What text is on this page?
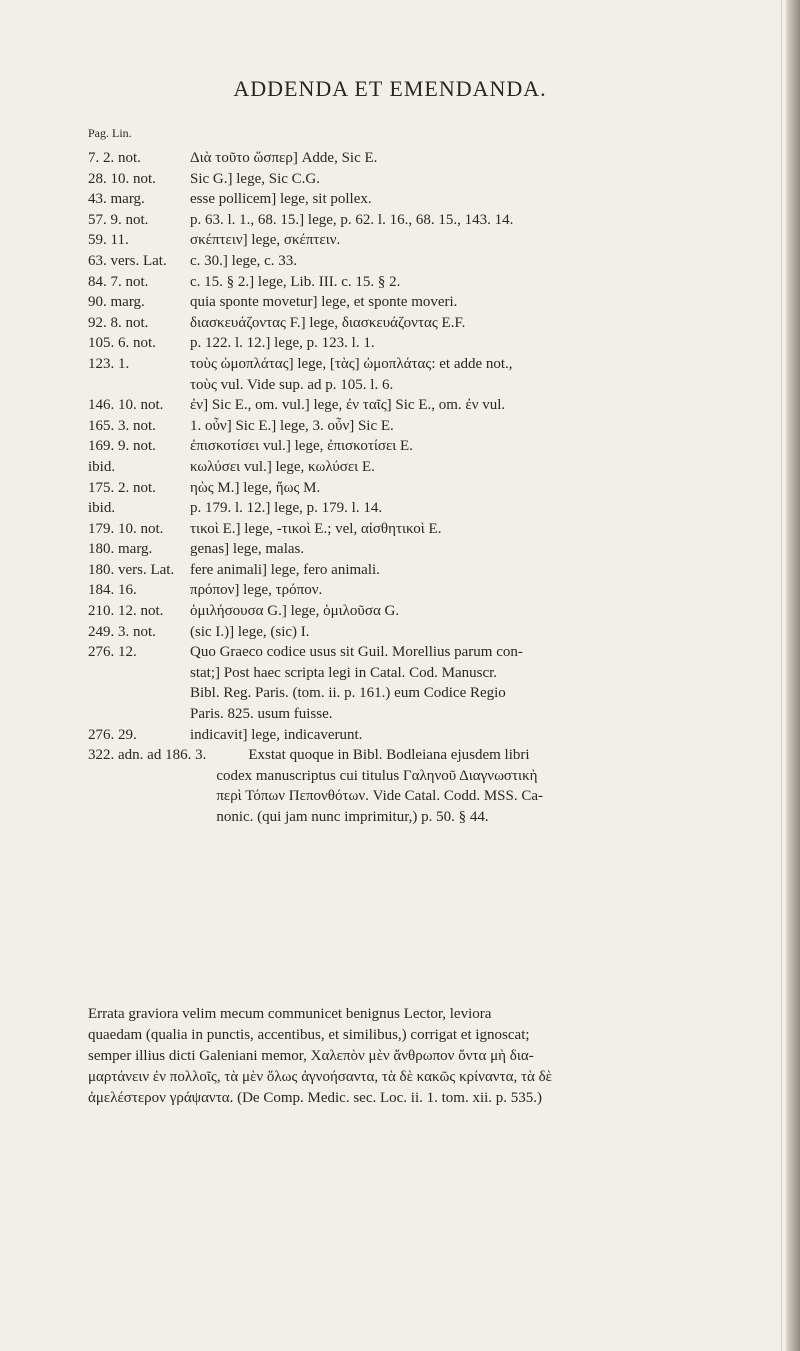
ADDENDA ET EMENDANDA.
Pag. Lin.
7. 2. not.	Διὰ τοῦτο ὥσπερ] Adde, Sic E.
28. 10. not.	Sic G.] lege, Sic C.G.
43. marg.	esse pollicem] lege, sit pollex.
57. 9. not.	p. 63. l. 1., 68. 15.] lege, p. 62. l. 16., 68. 15., 143. 14.
59. 11.	σκέπτειν] lege, σκέπτειν.
63. vers. Lat.	c. 30.] lege, c. 33.
84. 7. not.	c. 15. § 2.] lege, Lib. III. c. 15. § 2.
90. marg.	quia sponte movetur] lege, et sponte moveri.
92. 8. not.	διασκευάζοντας F.] lege, διασκευάζοντας E.F.
105. 6. not.	p. 122. l. 12.] lege, p. 123. l. 1.
123. 1.	τοὺς ὠμοπλάτας] lege, [τὰς] ὠμοπλάτας: et adde not.,
τοὺς vul. Vide sup. ad p. 105. l. 6.
146. 10. not.	ἐν] Sic E., om. vul.] lege, ἐν ταῖς] Sic E., om. ἐν vul.
165. 3. not.	1. οὖν] Sic E.] lege, 3. οὖν] Sic E.
169. 9. not.	ἐπισκοτίσει vul.] lege, ἐπισκοτίσει E.
ibid.	κωλύσει vul.] lege, κωλύσει E.
175. 2. not.	ηὼς M.] lege, ἤως M.
ibid.	p. 179. l. 12.] lege, p. 179. l. 14.
179. 10. not.	τικοὶ E.] lege, -τικοὶ E.; vel, αἰσθητικοὶ E.
180. marg.	genas] lege, malas.
180. vers. Lat.	fere animali] lege, fero animali.
184. 16.	πρόπον] lege, τρόπον.
210. 12. not.	ὁμιλήσουσα G.] lege, ὁμιλοῦσα G.
249. 3. not.	(sic I.)] lege, (sic) I.
276. 12.	Quo Graeco codice usus sit Guil. Morellius parum con-
stat;] Post haec scripta legi in Catal. Cod. Manuscr.
Bibl. Reg. Paris. (tom. ii. p. 161.) eum Codice Regio
Paris. 825. usum fuisse.
276. 29.	indicavit] lege, indicaverunt.
322. adn. ad 186. 3.	Exstat quoque in Bibl. Bodleiana ejusdem libri
codex manuscriptus cui titulus Γαληνοῦ Διαγνωστικὴ
περὶ Τόπων Πεπονθότων. Vide Catal. Codd. MSS. Ca-
nonic. (qui jam nunc imprimitur,) p. 50. § 44.
Errata graviora velim mecum communicet benignus Lector, leviora
quaedam (qualia in punctis, accentibus, et similibus,) corrigat et ignoscat;
semper illius dicti Galeniani memor, Χαλεπὸν μὲν ἄνθρωπον ὄντα μὴ δια-
μαρτάνειν ἐν πολλοῖς, τὰ μὲν ὅλως ἀγνοήσαντα, τὰ δὲ κακῶς κρίναντα, τὰ δὲ
ἀμελέστερον γράψαντα. (De Comp. Medic. sec. Loc. ii. 1. tom. xii. p. 535.)
